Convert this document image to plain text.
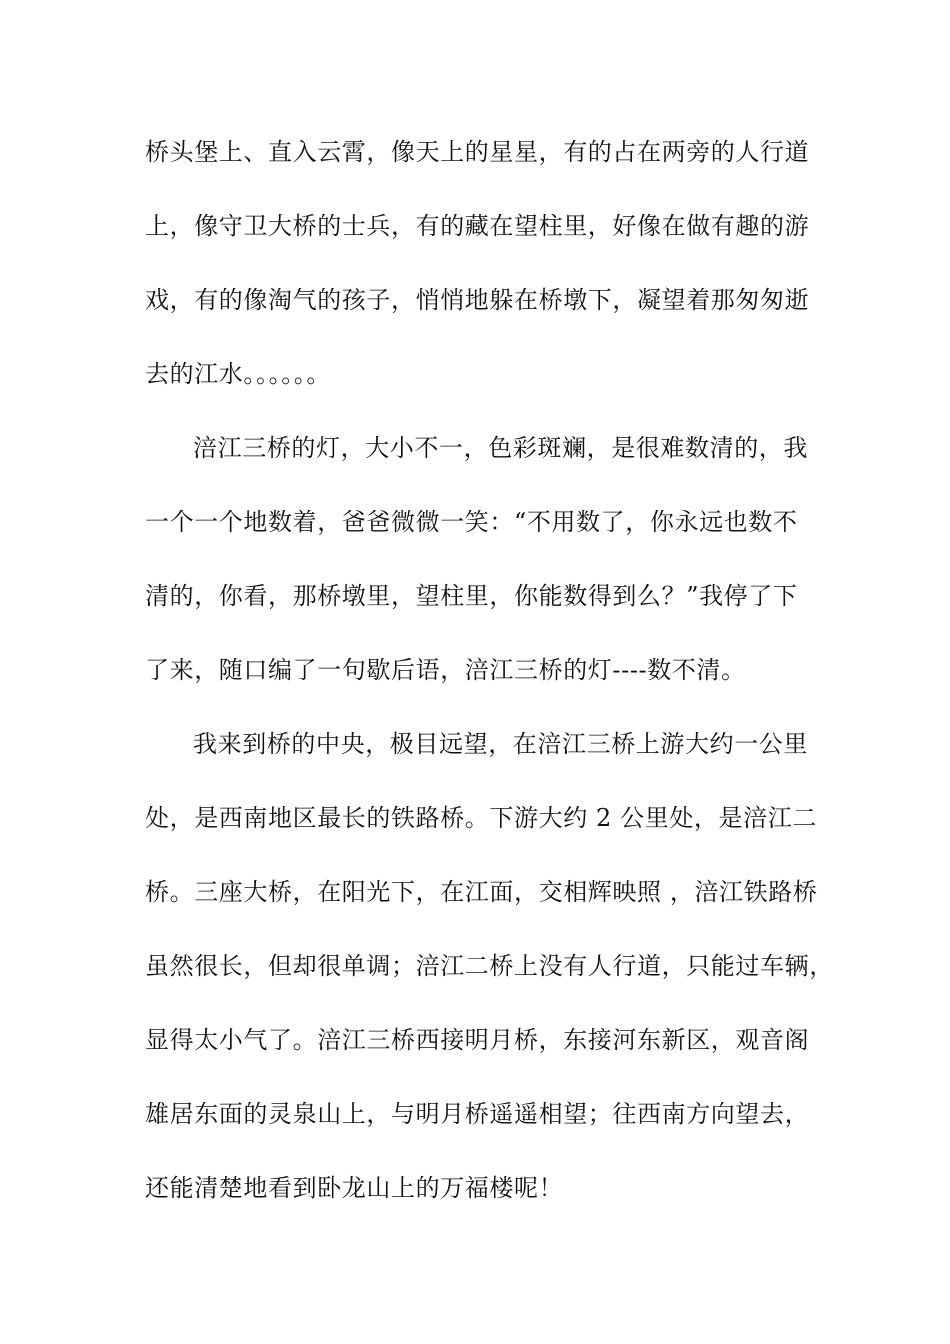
桥头堡上、直入云霄，像天上的星星，有的占在两旁的人行道
上，像守卫大桥的士兵，有的藏在望柱里，好像在做有趣的游
戏，有的像淘气的孩子，悄悄地躲在桥墩下，凝望着那匆匆逝
去的江水。。。。。。
涪江三桥的灯，大小不一，色彩斑斓，是很难数清的，我
一个一个地数着，爸爸微微一笑：“不用数了，你永远也数不
清的，你看，那桥墩里，望柱里，你能数得到么？”我停了下
了来，随口编了一句歇后语，涪江三桥的灯----数不清。
我来到桥的中央，极目远望，在涪江三桥上游大约一公里
处，是西南地区最长的铁路桥。下游大约 2 公里处，是涪江二
桥。三座大桥，在阳光下，在江面，交相辉映照 ，涪江铁路桥
虽然很长，但却很单调；涪江二桥上没有人行道，只能过车辆，
显得太小气了。涪江三桥西接明月桥，东接河东新区，观音阁
雄居东面的灵泉山上，与明月桥遥遥相望；往西南方向望去，
还能清楚地看到卧龙山上的万福楼呢！
